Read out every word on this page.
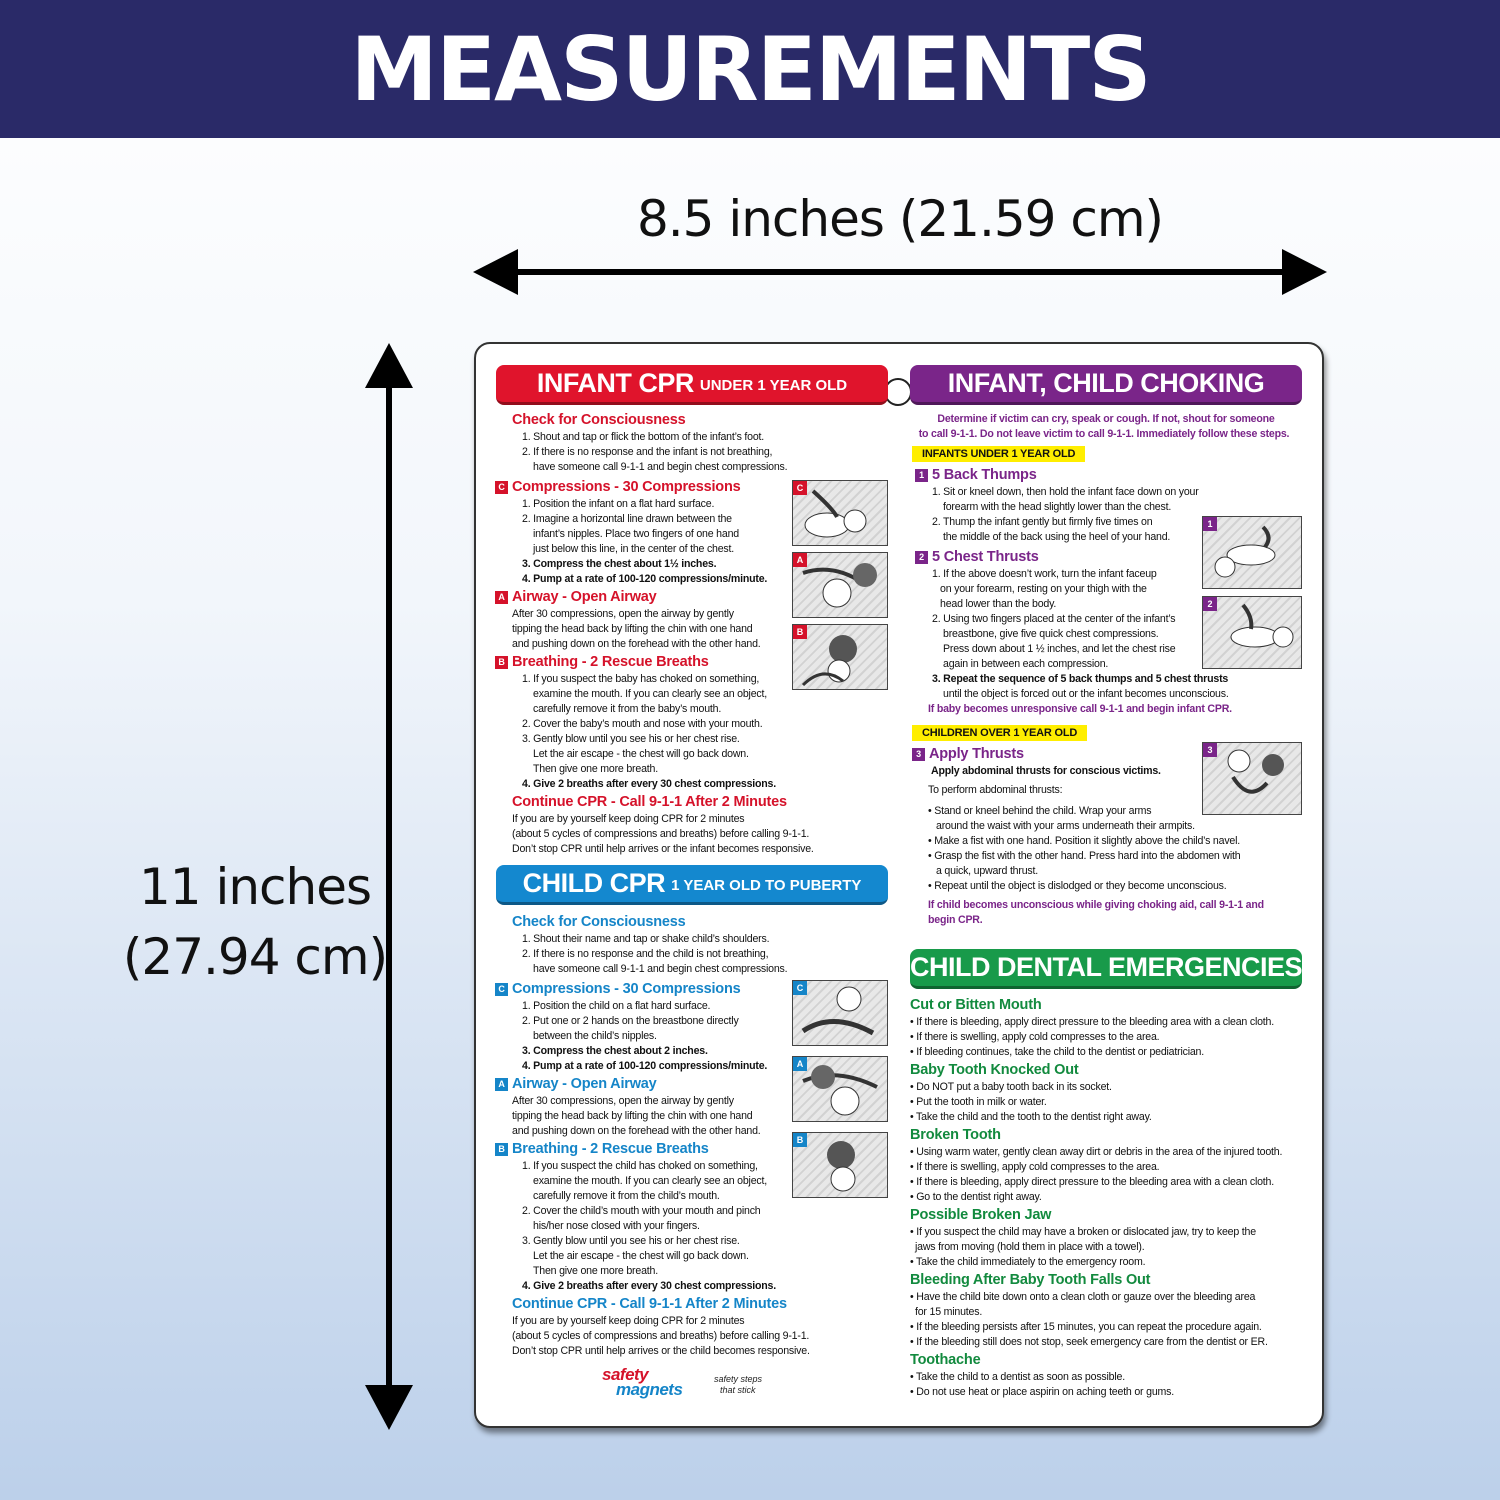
MEASUREMENTS
8.5 inches (21.59 cm)
11 inches
(27.94 cm)
INFANT CPR UNDER 1 YEAR OLD	INFANT, CHILD CHOKING
CHILD CPR 1 YEAR OLD TO PUBERTY
CHILD DENTAL EMERGENCIES
Check for Consciousness
1. Shout and tap or flick the bottom of the infant’s foot.
2. If there is no response and the infant is not breathing,
have someone call 9-1-1 and begin chest compressions.
C Compressions - 30 Compressions
1. Position the infant on a flat hard surface.
2. Imagine a horizontal line drawn between the
infant’s nipples. Place two fingers of one hand
just below this line, in the center of the chest.
3. Compress the chest about 1½ inches.
4. Pump at a rate of 100-120 compressions/minute.
A Airway - Open Airway
After 30 compressions, open the airway by gently
tipping the head back by lifting the chin with one hand
and pushing down on the forehead with the other hand.
B Breathing - 2 Rescue Breaths
1. If you suspect the baby has choked on something,
examine the mouth. If you can clearly see an object,
carefully remove it from the baby’s mouth.
2. Cover the baby’s mouth and nose with your mouth.
3. Gently blow until you see his or her chest rise.
Let the air escape - the chest will go back down.
Then give one more breath.
4. Give 2 breaths after every 30 chest compressions.
Continue CPR - Call 9-1-1 After 2 Minutes
If you are by yourself keep doing CPR for 2 minutes
(about 5 cycles of compressions and breaths) before calling 9-1-1.
Don’t stop CPR until help arrives or the infant becomes responsive.
C
A
B
Check for Consciousness
1. Shout their name and tap or shake child’s shoulders.
2. If there is no response and the child is not breathing,
have someone call 9-1-1 and begin chest compressions.
C Compressions - 30 Compressions
1. Position the child on a flat hard surface.
2. Put one or 2 hands on the breastbone directly
between the child’s nipples.
3. Compress the chest about 2 inches.
4. Pump at a rate of 100-120 compressions/minute.
A Airway - Open Airway
After 30 compressions, open the airway by gently
tipping the head back by lifting the chin with one hand
and pushing down on the forehead with the other hand.
B Breathing - 2 Rescue Breaths
1. If you suspect the child has choked on something,
examine the mouth. If you can clearly see an object,
carefully remove it from the child’s mouth.
2. Cover the child’s mouth with your mouth and pinch
his/her nose closed with your fingers.
3. Gently blow until you see his or her chest rise.
Let the air escape - the chest will go back down.
Then give one more breath.
4. Give 2 breaths after every 30 chest compressions.
Continue CPR - Call 9-1-1 After 2 Minutes
If you are by yourself keep doing CPR for 2 minutes
(about 5 cycles of compressions and breaths) before calling 9-1-1.
Don’t stop CPR until help arrives or the child becomes responsive.
C
A
B
Determine if victim can cry, speak or cough. If not, shout for someone
to call 9-1-1. Do not leave victim to call 9-1-1. Immediately follow these steps.
INFANTS UNDER 1 YEAR OLD
1 5 Back Thumps
1. Sit or kneel down, then hold the infant face down on your
forearm with the head slightly lower than the chest.
2. Thump the infant gently but firmly five times on
the middle of the back using the heel of your hand.
2 5 Chest Thrusts
1. If the above doesn’t work, turn the infant faceup
on your forearm, resting on your thigh with the
head lower than the body.
2. Using two fingers placed at the center of the infant’s
breastbone, give five quick chest compressions.
Press down about 1 ½ inches, and let the chest rise
again in between each compression.
3. Repeat the sequence of 5 back thumps and 5 chest thrusts
until the object is forced out or the infant becomes unconscious.
If baby becomes unresponsive call 9-1-1 and begin infant CPR.
CHILDREN OVER 1 YEAR OLD
3 Apply Thrusts
Apply abdominal thrusts for conscious victims.
To perform abdominal thrusts:
• Stand or kneel behind the child. Wrap your arms
around the waist with your arms underneath their armpits.
• Make a fist with one hand. Position it slightly above the child’s navel.
• Grasp the fist with the other hand. Press hard into the abdomen with
a quick, upward thrust.
• Repeat until the object is dislodged or they become unconscious.
If child becomes unconscious while giving choking aid, call 9-1-1 and
begin CPR.
1
2
3
Cut or Bitten Mouth
• If there is bleeding, apply direct pressure to the bleeding area with a clean cloth.
• If there is swelling, apply cold compresses to the area.
• If bleeding continues, take the child to the dentist or pediatrician.
Baby Tooth Knocked Out
• Do NOT put a baby tooth back in its socket.
• Put the tooth in milk or water.
• Take the child and the tooth to the dentist right away.
Broken Tooth
• Using warm water, gently clean away dirt or debris in the area of the injured tooth.
• If there is swelling, apply cold compresses to the area.
• If there is bleeding, apply direct pressure to the bleeding area with a clean cloth.
• Go to the dentist right away.
Possible Broken Jaw
• If you suspect the child may have a broken or dislocated jaw, try to keep the
jaws from moving (hold them in place with a towel).
• Take the child immediately to the emergency room.
Bleeding After Baby Tooth Falls Out
• Have the child bite down onto a clean cloth or gauze over the bleeding area
for 15 minutes.
• If the bleeding persists after 15 minutes, you can repeat the procedure again.
• If the bleeding still does not stop, seek emergency care from the dentist or ER.
Toothache
• Take the child to a dentist as soon as possible.
• Do not use heat or place aspirin on aching teeth or gums.
safety
magnets
safety steps
that stick
